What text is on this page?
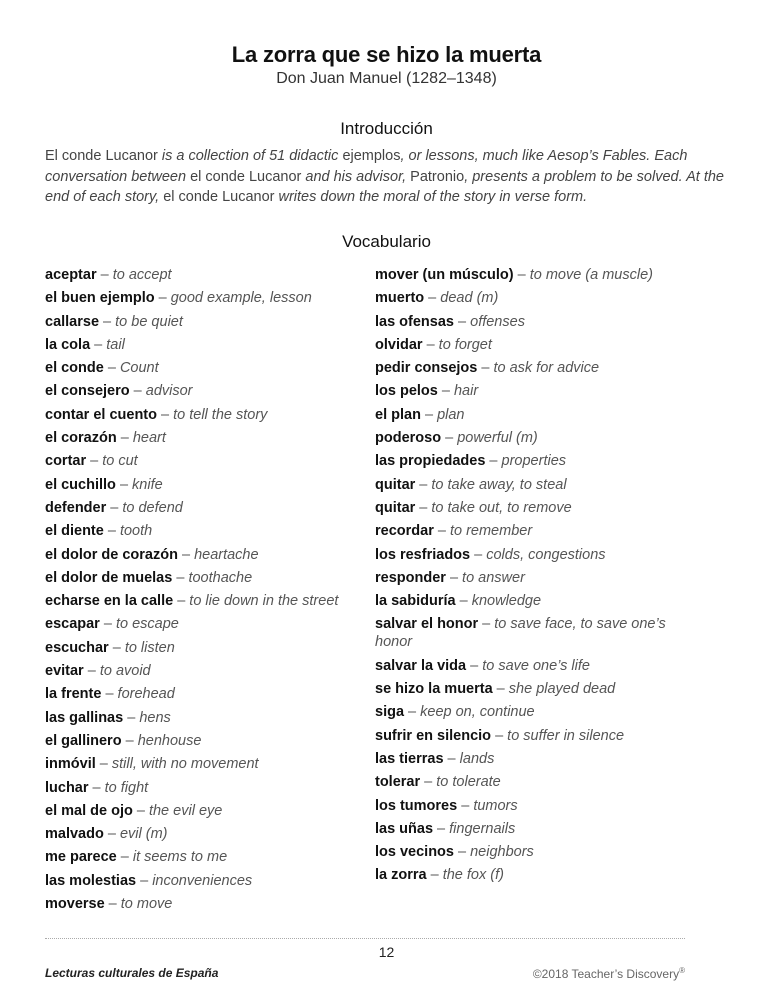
La zorra que se hizo la muerta
Don Juan Manuel (1282–1348)
Introducción
El conde Lucanor is a collection of 51 didactic ejemplos, or lessons, much like Aesop’s Fables. Each conversation between el conde Lucanor and his advisor, Patronio, presents a problem to be solved. At the end of each story, el conde Lucanor writes down the moral of the story in verse form.
Vocabulario
aceptar – to accept
el buen ejemplo – good example, lesson
callarse – to be quiet
la cola – tail
el conde – Count
el consejero – advisor
contar el cuento – to tell the story
el corazón – heart
cortar – to cut
el cuchillo – knife
defender – to defend
el diente – tooth
el dolor de corazón – heartache
el dolor de muelas – toothache
echarse en la calle – to lie down in the street
escapar – to escape
escuchar – to listen
evitar – to avoid
la frente – forehead
las gallinas – hens
el gallinero – henhouse
inmóvil – still, with no movement
luchar – to fight
el mal de ojo – the evil eye
malvado – evil (m)
me parece – it seems to me
las molestias – inconveniences
moverse – to move
mover (un músculo) – to move (a muscle)
muerto – dead (m)
las ofensas – offenses
olvidar – to forget
pedir consejos – to ask for advice
los pelos – hair
el plan – plan
poderoso – powerful (m)
las propiedades – properties
quitar – to take away, to steal
quitar – to take out, to remove
recordar – to remember
los resfriados – colds, congestions
responder – to answer
la sabiduría – knowledge
salvar el honor – to save face, to save one’s honor
salvar la vida – to save one’s life
se hizo la muerta – she played dead
siga – keep on, continue
sufrir en silencio – to suffer in silence
las tierras – lands
tolerar – to tolerate
los tumores – tumors
las uñas – fingernails
los vecinos – neighbors
la zorra – the fox (f)
12
Lecturas culturales de España	©2018 Teacher’s Discovery®
